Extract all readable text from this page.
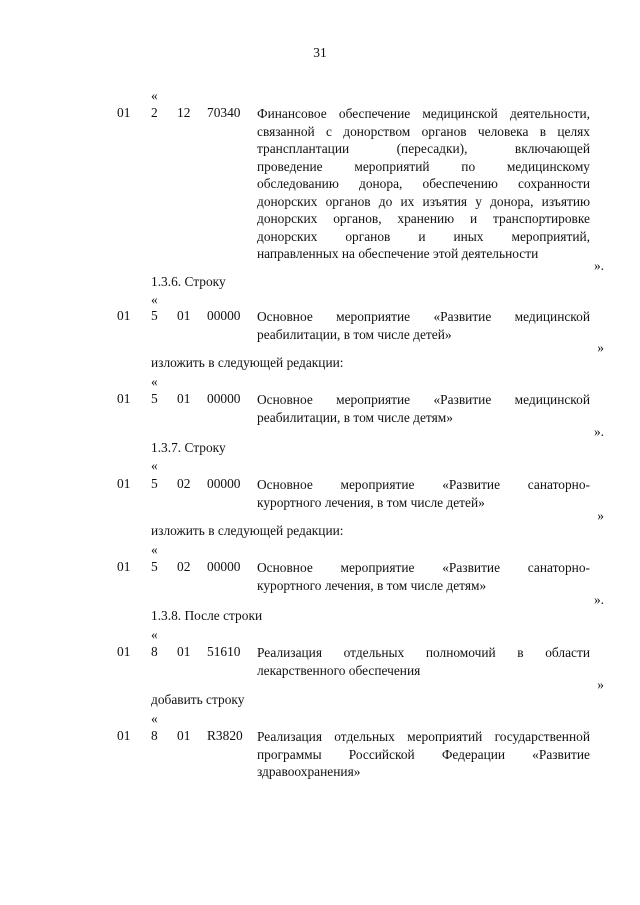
31
«
01 2 12 70340 Финансовое обеспечение медицинской деятельности,
связанной с донорством органов человека в целях
трансплантации (пересадки), включающей
проведение мероприятий по медицинскому
обследованию донора, обеспечению сохранности
донорских органов до их изъятия у донора, изъятию
донорских органов, хранению и транспортировке
донорских органов и иных мероприятий,
направленных на обеспечение этой деятельности
».
1.3.6. Строку
«
01 5 01 00000 Основное мероприятие «Развитие медицинской
реабилитации, в том числе детей»
»
изложить в следующей редакции:
«
01 5 01 00000 Основное мероприятие «Развитие медицинской
реабилитации, в том числе детям»
».
1.3.7. Строку
«
01 5 02 00000 Основное мероприятие «Развитие санаторно-
курортного лечения, в том числе детей»
»
изложить в следующей редакции:
«
01 5 02 00000 Основное мероприятие «Развитие санаторно-
курортного лечения, в том числе детям»
».
1.3.8. После строки
«
01 8 01 51610 Реализация отдельных полномочий в области
лекарственного обеспечения
»
добавить строку
«
01 8 01 R3820 Реализация отдельных мероприятий государственной
программы Российской Федерации «Развитие
здравоохранения»
